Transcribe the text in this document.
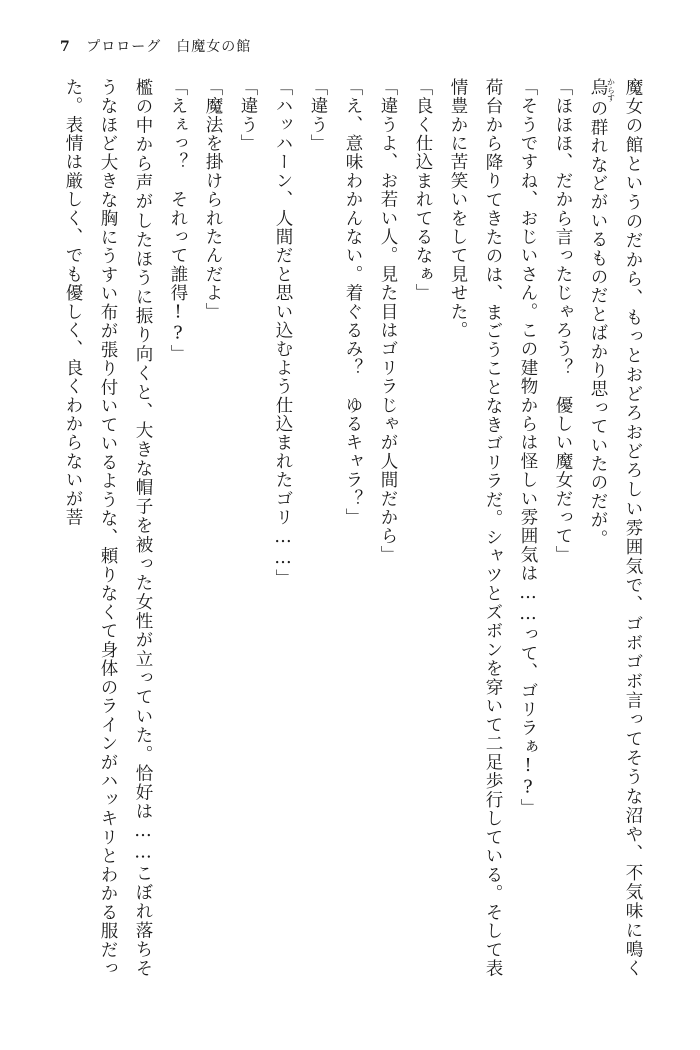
7 プロローグ　白魔女の館

魔女の館というのだから、もっとおどろおどろしい雰囲気で、ゴボゴボ言ってそうな沼や、不気味に鳴く烏からすの群れなどがいるものだとばかり思っていたのだが。

「ほほほ、だから言ったじゃろう？　優しい魔女だって」

「そうですね、おじいさん。この建物からは怪しい雰囲気は……って、ゴリラぁ!?」

荷台から降りてきたのは、まごうことなきゴリラだ。シャツとズボンを穿いて二足歩行している。そして表情豊かに苦笑いをして見せた。

「良く仕込まれてるなぁ」

「違うよ、お若い人。見た目はゴリラじゃが人間だから」

「え、意味わかんない。着ぐるみ？　ゆるキャラ？」

「違う」

「ハッハーン、人間だと思い込むよう仕込まれたゴリ……」

「違う」

「魔法を掛けられたんだよ」

「えぇっ？　それって誰得!?」

檻の中から声がしたほうに振り向くと、大きな帽子を被った女性が立っていた。恰好は……こぼれ落ちそうなほど大きな胸にうすい布が張り付いているような、頼りなくて身体のラインがハッキリとわかる服だった。表情は厳しく、でも優しく、良くわからないが菩
